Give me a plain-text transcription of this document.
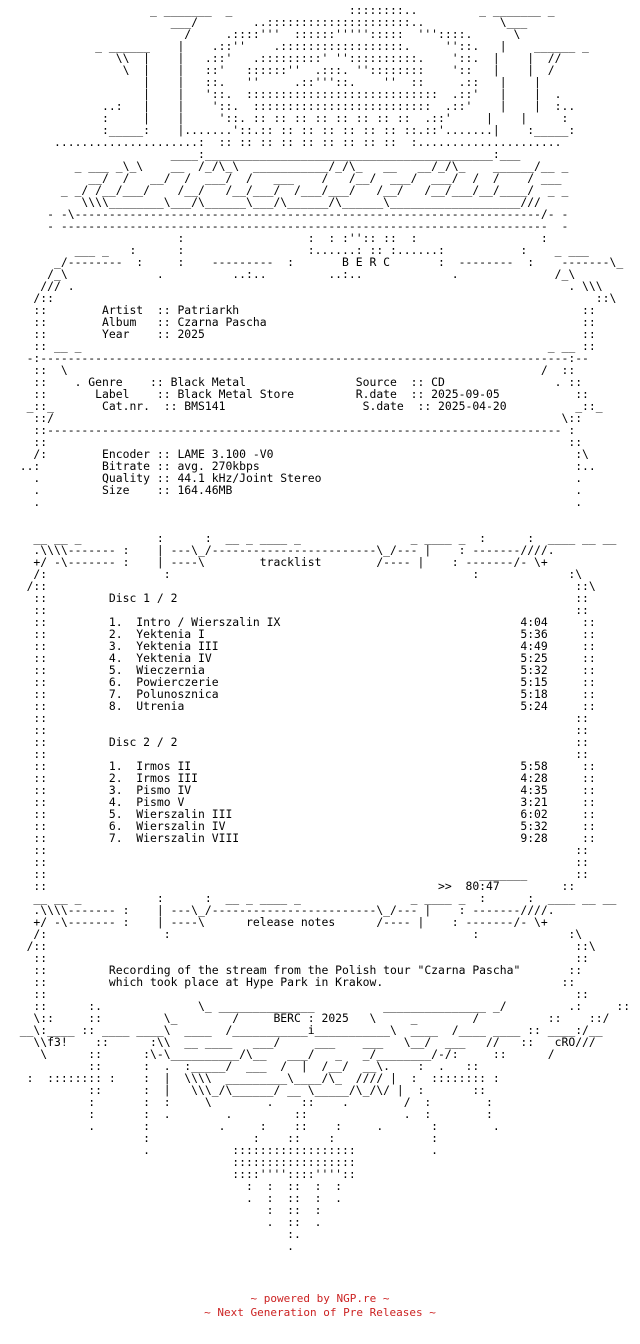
_ _______  _                 ::::::::..         _ _______ _
___/        ..:::::::::::::::::::::..           \___
/     .::::'''  ::::::''''':::::  '''::::.      \
_ ______    |    .::''    .::::::::::::::::::.     ''::.   |    ______ _
\\  |    |   .::'   .:::::::::' ''::::::::::.    '::.  |    |  //
\  |    |   ::'   ::::::''  .:::. ''::::::::    '::   |    |  /
|    |   ::.   ''     .::'''::.    ''  ::     .::   |    |
|    |   '::.  ::::::::::::::::::::::::::::  .::'   |    |  .
..:   |    |    '::.  ::::::::::::::::::::::::::  .::'    |    |  :..
:     |    |     '::. :: :: :: :: :: :: :: ::  .::'     |    |     :
:_____:    |.......'::.:: :: :: :: :: :: :: ::.::'.......|    :_____:
.....................:  :: :: :: :: :: :: :: :: ::  :.....................
____:__________________________________________:___
_ ___ _\_\    __  /_/\_\  ___________/_/\_   __   __/_/\_    ______/__ _
__/  /   __/  /  ___/  /   ___    /   /__/  ___/  ___/  /  /    / ___
_ _/ /__/___/    /__/   /__/___/  /___/___/   /__/   /__/___/__/____/  _ _
\\\\________\___/\______\___/\______/\______\___________________///
- -\--------------------------------------------------------------------/- -
- -----------------------------------------------------------------------  -
:                  :  : :'':: ::  :                  :
___ _   :      :                  :......: :: :......:           :    _ ___
_/--------  :     :    ---------  :       B E R C       :  --------  :    -------\_
/_\             .          ..:..         ..:..             .              /_\
/// .                                                                        . \\\
/::                                                                               ::\
::        Artist  :: Patriarkh                                                  ::
::        Album   :: Czarna Pascha                                              ::
::        Year    :: 2025                                                       ::
:: __ _                                                                    _ __ ::
-:-----------------------------------------------------------------------------:--
::  \                                                                     /  ::
::    . Genre    :: Black Metal                Source  :: CD                . ::
::       Label    :: Black Metal Store         R.date  :: 2025-09-05           ::
_::_       Cat.nr.  :: BMS141                    S.date  :: 2025-04-20          _::_
::/                                                                          \::
::--------------------------------------------------------------------------- :
::                                                                            ::
/:        Encoder :: LAME 3.100 -V0                                            :\
..:         Bitrate :: avg. 270kbps                                              :..
.         Quality :: 44.1 kHz/Joint Stereo                                     .
.         Size    :: 164.46MB                                                  .
.                                                                              .

__ __ _           :      :  __ _ ____ _                _ ____ _  :      :  ____ __ __
.\\\\------- :    | ---\_/------------------------\_/--- |    : -------////.
+/ -\------- :    | ----\        tracklist        /---- |    : -------/- \+
/:                 :                                            :             :\
/::                                                                             ::\
::         Disc 1 / 2                                                          ::
::                                                                             ::
::         1.  Intro / Wierszalin IX                                   4:04     ::
::         2.  Yektenia I                                              5:36     ::
::         3.  Yektenia III                                            4:49     ::
::         4.  Yektenia IV                                             5:25     ::
::         5.  Wieczernia                                              5:32     ::
::         6.  Powierczerie                                            5:15     ::
::         7.  Polunosznica                                            5:18     ::
::         8.  Utrenia                                                 5:24     ::
::                                                                             ::
::                                                                             ::
::         Disc 2 / 2                                                          ::
::                                                                             ::
::         1.  Irmos II                                                5:58     ::
::         2.  Irmos III                                               4:28     ::
::         3.  Pismo IV                                                4:35     ::
::         4.  Pismo V                                                 3:21     ::
::         5.  Wierszalin III                                          6:02     ::
::         6.  Wierszalin IV                                           5:32     ::
::         7.  Wierszalin VIII                                         9:28     ::
::                                                                             ::
::                                                                             ::
::                                                               _______       ::
::                                                         >>  80:47         ::
__ __ _           :      :  __ _ ____ _                _ ____ _  :      :  ____ __ __
.\\\\------- :    | ---\_/------------------------\_/--- |    : -------////.
+/ -\------- :    | ----\      release notes      /---- |    : -------/- \+
/:                 :                                            :             :\
/::                                                                             ::\
::                                                                             ::
::         Recording of the stream from the Polish tour "Czarna Pascha"       ::
::         which took place at Hype Park in Krakow.                          ::
::                                                                             ::
::      :.              \_ ______________          _______________ _/         .:     ::
\::     ::         \_        /     BERC : 2025   \     _        /          ::    ::/
__\:____ :: ____ ____\  ____  /___________i___________\  ____  /____ ____ :: ____:/__
\\f3!    ::      :\\  __ ____   ___/     ___    ___   \__/  ___   //   ::   cRO///
\      ::      :\-\__________/\__   ___/   _   _/________/-/:     ::      /
::      :  .  :_____/  ___  /  |  /__/  __\.    :  .   ::
:  :::::::: :    :  |  \\\\  _________\____/\_  //// |  :  :::::::: :
::      :  |   \\\_/\______/ __ \_____/\_/\/ |  :       ::
:       :  :     \        .    ::    .        /  :        :
:       :  .        .         ::              .  :        :
.       :          .     :    ::    :     .       :        .
:               :    ::    :              :
.            ::::::::::::::::::           .
::::::::::::::::::
::::''''::::''''::
:  :  ::  :  :
.  :  ::  :  .
:  ::  :
.  ::  .
:.
.

~ powered by NGP.re ~
~ Next Generation of Pre Releases ~
